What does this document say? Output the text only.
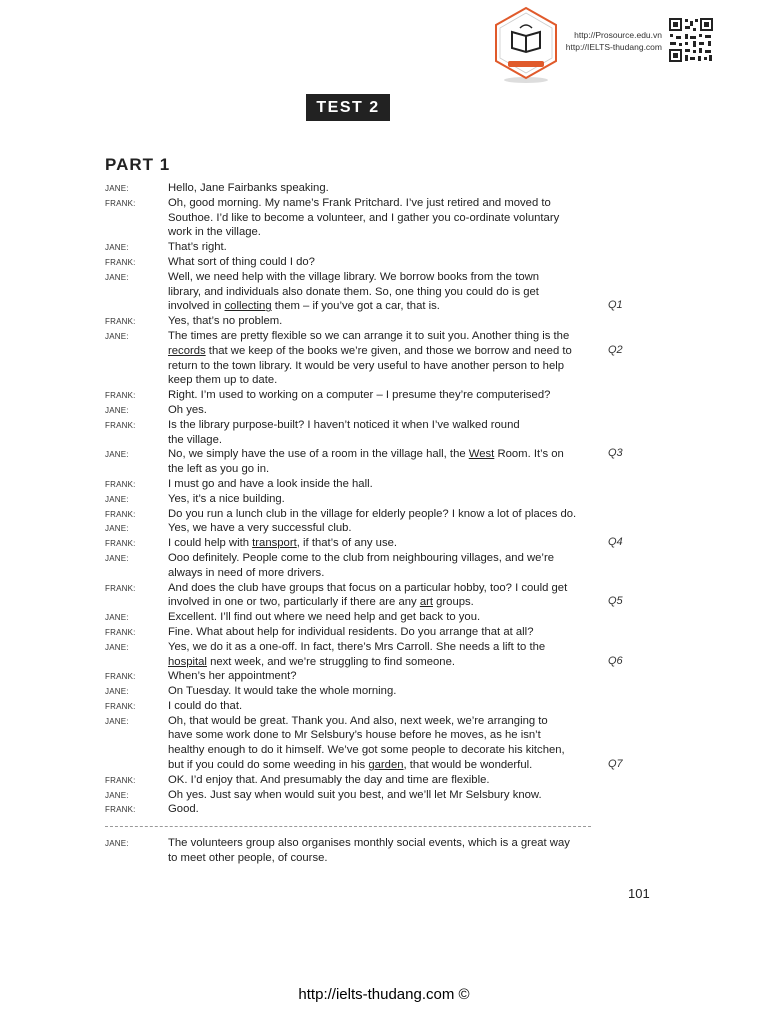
http://Prosource.edu.vn
http://IELTS-thudang.com
TEST 2
PART 1
JANE:	Hello, Jane Fairbanks speaking.
FRANK:	Oh, good morning. My name’s Frank Pritchard. I’ve just retired and moved to
Southoe. I’d like to become a volunteer, and I gather you co-ordinate voluntary
work in the village.
JANE:	That’s right.
FRANK:	What sort of thing could I do?
JANE:	Well, we need help with the village library. We borrow books from the town
library, and individuals also donate them. So, one thing you could do is get
involved in collecting them – if you’ve got a car, that is.	Q1
FRANK:	Yes, that’s no problem.
JANE:	The times are pretty flexible so we can arrange it to suit you. Another thing is the
records that we keep of the books we’re given, and those we borrow and need to
return to the town library. It would be very useful to have another person to help
keep them up to date.
Q2
FRANK:	Right. I’m used to working on a computer – I presume they’re computerised?
JANE:	Oh yes.
FRANK:	Is the library purpose-built? I haven’t noticed it when I’ve walked round
the village.
JANE:	No, we simply have the use of a room in the village hall, the West Room. It’s on
the left as you go in.
Q3
FRANK:	I must go and have a look inside the hall.
JANE:	Yes, it’s a nice building.
FRANK:	Do you run a lunch club in the village for elderly people? I know a lot of places do.
JANE:	Yes, we have a very successful club.
FRANK:	I could help with transport, if that’s of any use.	Q4
JANE:	Ooo definitely. People come to the club from neighbouring villages, and we’re
always in need of more drivers.
FRANK:	And does the club have groups that focus on a particular hobby, too? I could get
involved in one or two, particularly if there are any art groups.	Q5
JANE:	Excellent. I’ll find out where we need help and get back to you.
FRANK:	Fine. What about help for individual residents. Do you arrange that at all?
JANE:	Yes, we do it as a one-off. In fact, there’s Mrs Carroll. She needs a lift to the
hospital next week, and we’re struggling to find someone.	Q6
FRANK:	When’s her appointment?
JANE:	On Tuesday. It would take the whole morning.
FRANK:	I could do that.
JANE:	Oh, that would be great. Thank you. And also, next week, we’re arranging to
have some work done to Mr Selsbury’s house before he moves, as he isn’t
healthy enough to do it himself. We’ve got some people to decorate his kitchen,
but if you could do some weeding in his garden, that would be wonderful.	Q7
FRANK:	OK. I’d enjoy that. And presumably the day and time are flexible.
JANE:	Oh yes. Just say when would suit you best, and we’ll let Mr Selsbury know.
FRANK:	Good.
JANE:	The volunteers group also organises monthly social events, which is a great way
to meet other people, of course.
101
http://ielts-thudang.com ©
